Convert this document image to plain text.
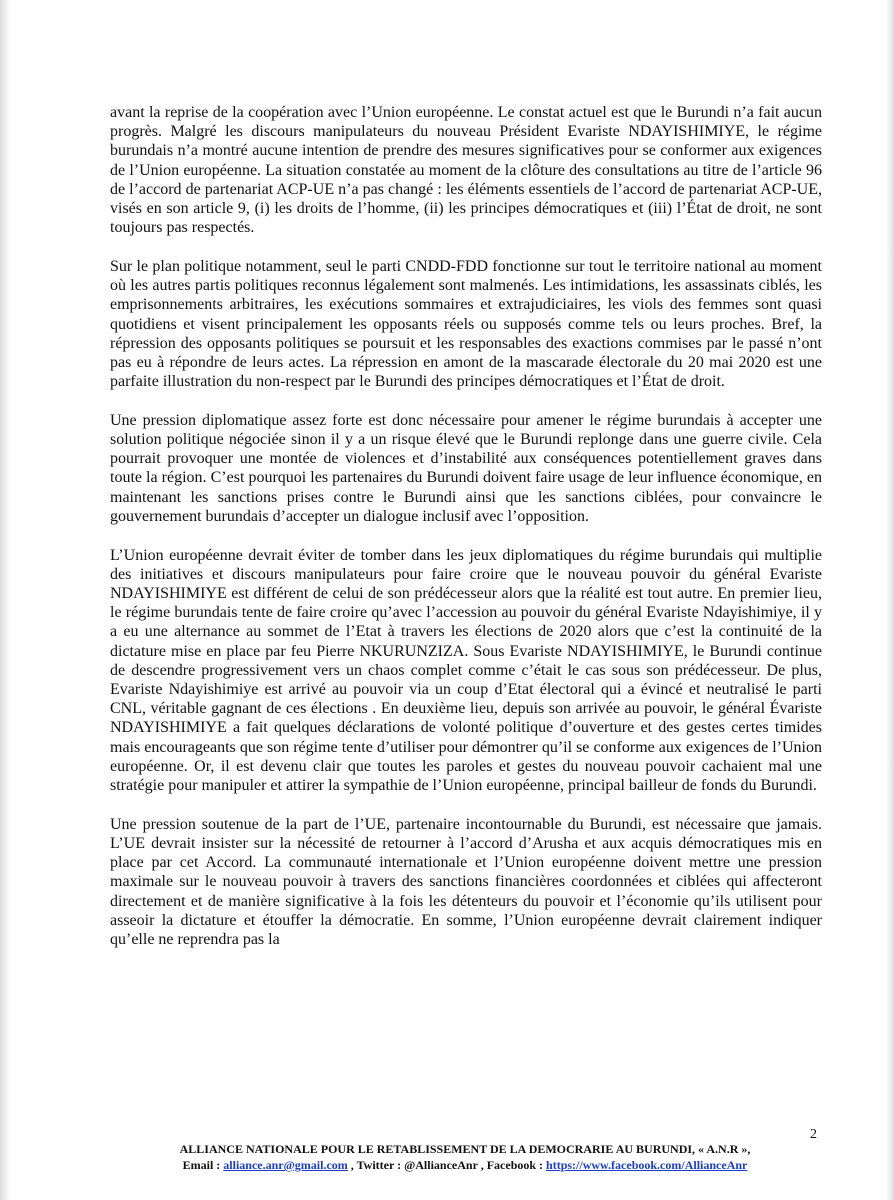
avant la reprise de la coopération avec l’Union européenne. Le constat actuel est que le Burundi n’a fait aucun progrès. Malgré les discours manipulateurs du nouveau Président Evariste NDAYISHIMIYE, le régime burundais n’a montré aucune intention de prendre des mesures significatives pour se conformer aux exigences de l’Union européenne. La situation constatée au moment de la clôture des consultations au titre de l’article 96 de l’accord de partenariat ACP-UE n’a pas changé : les éléments essentiels de l’accord de partenariat ACP-UE, visés en son article 9, (i) les droits de l’homme, (ii) les principes démocratiques et (iii) l’État de droit, ne sont toujours pas respectés.

Sur le plan politique notamment, seul le parti CNDD-FDD fonctionne sur tout le territoire national au moment où les autres partis politiques reconnus légalement sont malmenés. Les intimidations, les assassinats ciblés, les emprisonnements arbitraires, les exécutions sommaires et extrajudiciaires, les viols des femmes sont quasi quotidiens et visent principalement les opposants réels ou supposés comme tels ou leurs proches. Bref, la répression des opposants politiques se poursuit et les responsables des exactions commises par le passé n’ont pas eu à répondre de leurs actes. La répression en amont de la mascarade électorale du 20 mai 2020 est une parfaite illustration du non-respect par le Burundi des principes démocratiques et l’État de droit.

Une pression diplomatique assez forte est donc nécessaire pour amener le régime burundais à accepter une solution politique négociée sinon il y a un risque élevé que le Burundi replonge dans une guerre civile. Cela pourrait provoquer une montée de violences et d’instabilité aux conséquences potentiellement graves dans toute la région. C’est pourquoi les partenaires du Burundi doivent faire usage de leur influence économique, en maintenant les sanctions prises contre le Burundi ainsi que les sanctions ciblées, pour convaincre le gouvernement burundais d’accepter un dialogue inclusif avec l’opposition.

L’Union européenne devrait éviter de tomber dans les jeux diplomatiques du régime burundais qui multiplie des initiatives et discours manipulateurs pour faire croire que le nouveau pouvoir du général Evariste NDAYISHIMIYE est différent de celui de son prédécesseur alors que la réalité est tout autre. En premier lieu, le régime burundais tente de faire croire qu’avec l’accession au pouvoir du général Evariste Ndayishimiye, il y a eu une alternance au sommet de l’Etat à travers les élections de 2020 alors que c’est la continuité de la dictature mise en place par feu Pierre NKURUNZIZA. Sous Evariste NDAYISHIMIYE, le Burundi continue de descendre progressivement vers un chaos complet comme c’était le cas sous son prédécesseur. De plus, Evariste Ndayishimiye est arrivé au pouvoir via un coup d’Etat électoral qui a évincé et neutralisé le parti CNL, véritable gagnant de ces élections . En deuxième lieu, depuis son arrivée au pouvoir, le général Évariste NDAYISHIMIYE a fait quelques déclarations de volonté politique d’ouverture et des gestes certes timides mais encourageants que son régime tente d’utiliser pour démontrer qu’il se conforme aux exigences de l’Union européenne. Or, il est devenu clair que toutes les paroles et gestes du nouveau pouvoir cachaient mal une stratégie pour manipuler et attirer la sympathie de l’Union européenne, principal bailleur de fonds du Burundi.

Une pression soutenue de la part de l’UE, partenaire incontournable du Burundi, est nécessaire que jamais. L’UE devrait insister sur la nécessité de retourner à l’accord d’Arusha et aux acquis démocratiques mis en place par cet Accord. La communauté internationale et l’Union européenne doivent mettre une pression maximale sur le nouveau pouvoir à travers des sanctions financières coordonnées et ciblées qui affecteront directement et de manière significative à la fois les détenteurs du pouvoir et l’économie qu’ils utilisent pour asseoir la dictature et étouffer la démocratie. En somme, l’Union européenne devrait clairement indiquer qu’elle ne reprendra pas la

2
ALLIANCE NATIONALE POUR LE RETABLISSEMENT DE LA DEMOCRARIE AU BURUNDI, « A.N.R »,
Email : alliance.anr@gmail.com , Twitter : @AllianceAnr , Facebook : https://www.facebook.com/AllianceAnr
